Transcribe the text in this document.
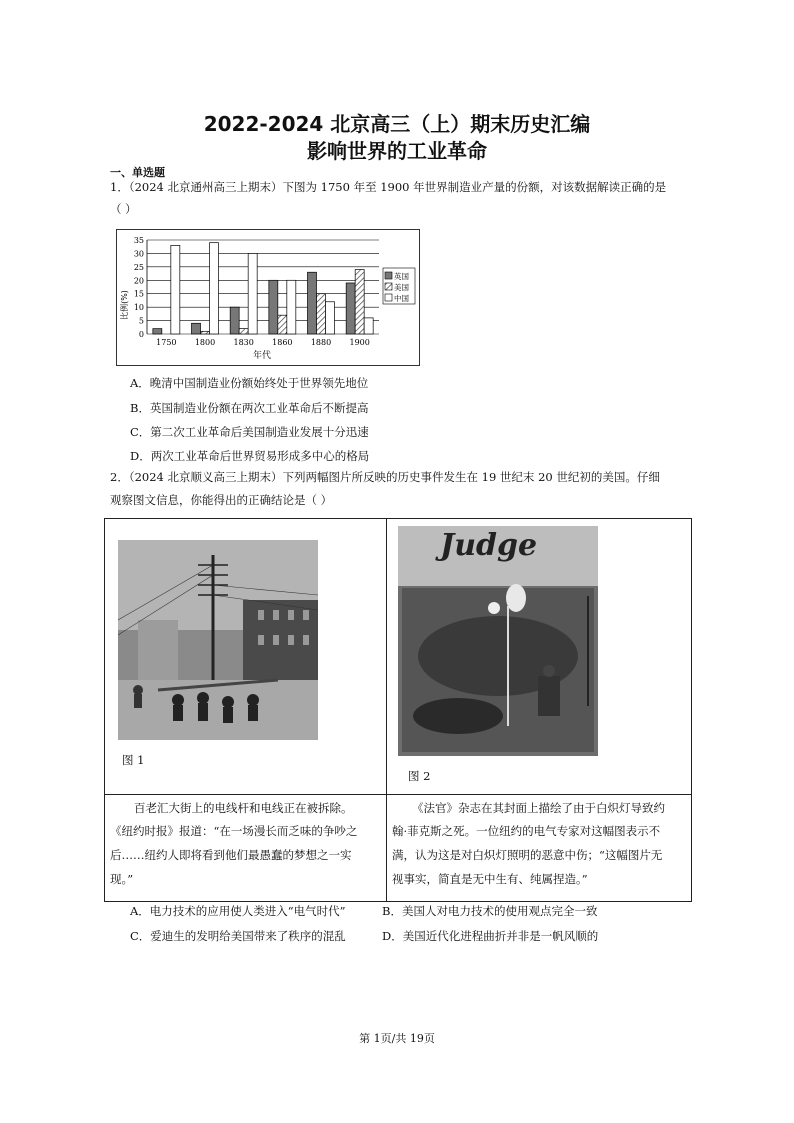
2022-2024 北京高三（上）期末历史汇编
影响世界的工业革命
一、单选题
1．（2024 北京通州高三上期末）下图为 1750 年至 1900 年世界制造业产量的份额，对该数据解读正确的是
（ ）
0
5
10
15
20
25
30
35
1750 1800 1830 1860 1880 1900
英国
美国
中国
比例(%)
年代
A．晚清中国制造业份额始终处于世界领先地位
B．英国制造业份额在两次工业革命后不断提高
C．第二次工业革命后美国制造业发展十分迅速
D．两次工业革命后世界贸易形成多中心的格局
2．（2024 北京顺义高三上期末）下列两幅图片所反映的历史事件发生在 19 世纪末 20 世纪初的美国。仔细
观察图文信息，你能得出的正确结论是（ ）
图 1
Judge
图 2
百老汇大街上的电线杆和电线正在被拆除。
《纽约时报》报道：“在一场漫长而乏味的争吵之
后……纽约人即将看到他们最愚蠢的梦想之一实
现。”
《法官》杂志在其封面上描绘了由于白炽灯导致约
翰·菲克斯之死。一位纽约的电气专家对这幅图表示不
满，认为这是对白炽灯照明的恶意中伤；“这幅图片无
视事实，简直是无中生有、纯属捏造。”
A．电力技术的应用使人类进入“电气时代”	B．美国人对电力技术的使用观点完全一致
C．爱迪生的发明给美国带来了秩序的混乱	D．美国近代化进程曲折并非是一帆风顺的
第 1页/共 19页
